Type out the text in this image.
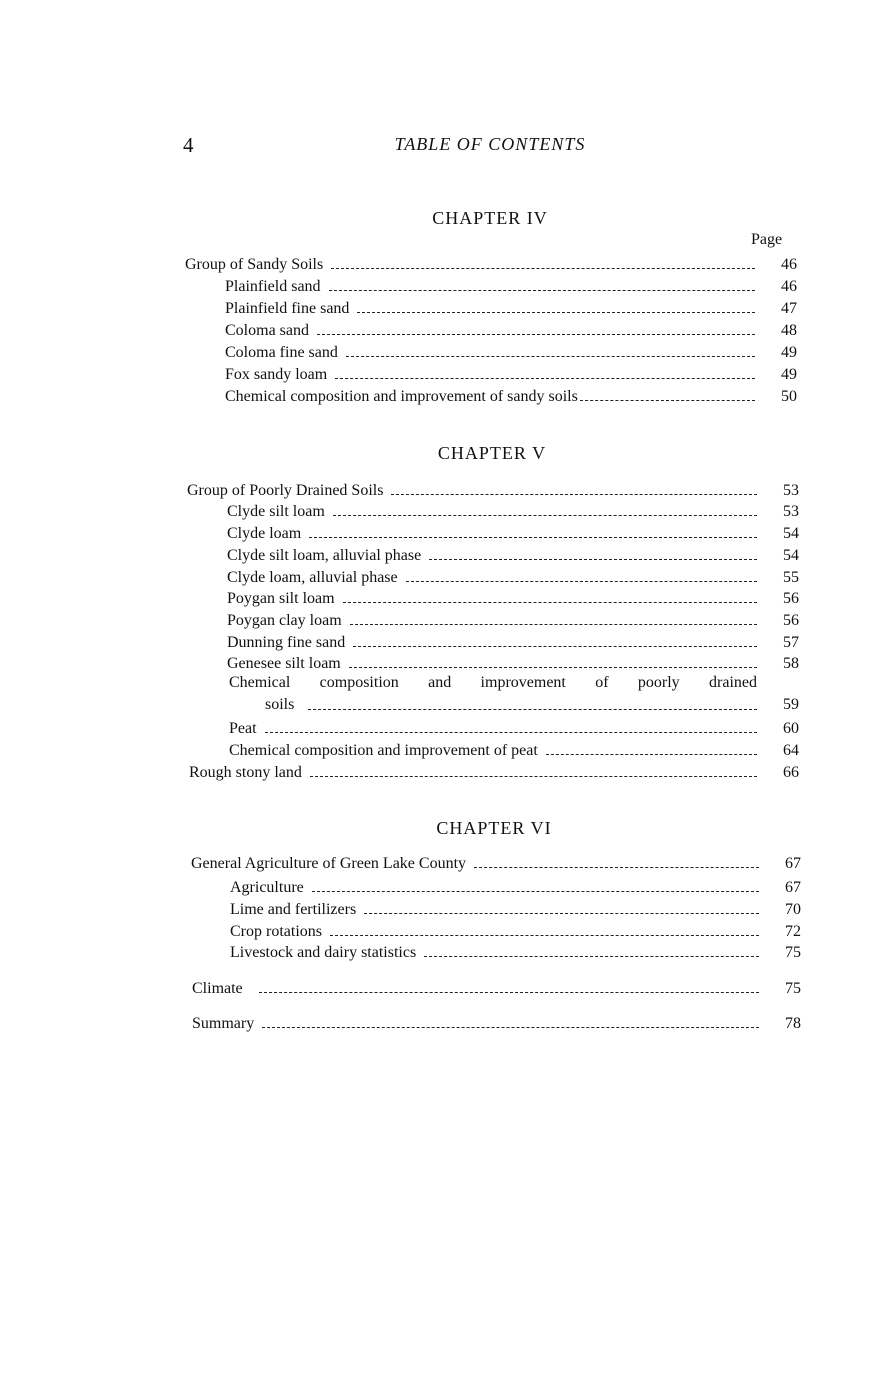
4	TABLE OF CONTENTS
CHAPTER IV
Page
Group of Sandy Soils	46
Plainfield sand	46
Plainfield fine sand	47
Coloma sand	48
Coloma fine sand	49
Fox sandy loam	49
Chemical composition and improvement of sandy soils	50
CHAPTER V
Group of Poorly Drained Soils	53
Clyde silt loam	53
Clyde loam	54
Clyde silt loam, alluvial phase	54
Clyde loam, alluvial phase	55
Poygan silt loam	56
Poygan clay loam	56
Dunning fine sand	57
Genesee silt loam	58
Chemical composition and improvement of poorly drained
soils	59
Peat	60
Chemical composition and improvement of peat	64
Rough stony land	66
CHAPTER VI
General Agriculture of Green Lake County	67
Agriculture	67
Lime and fertilizers	70
Crop rotations	72
Livestock and dairy statistics	75
Climate	75
Summary	78
